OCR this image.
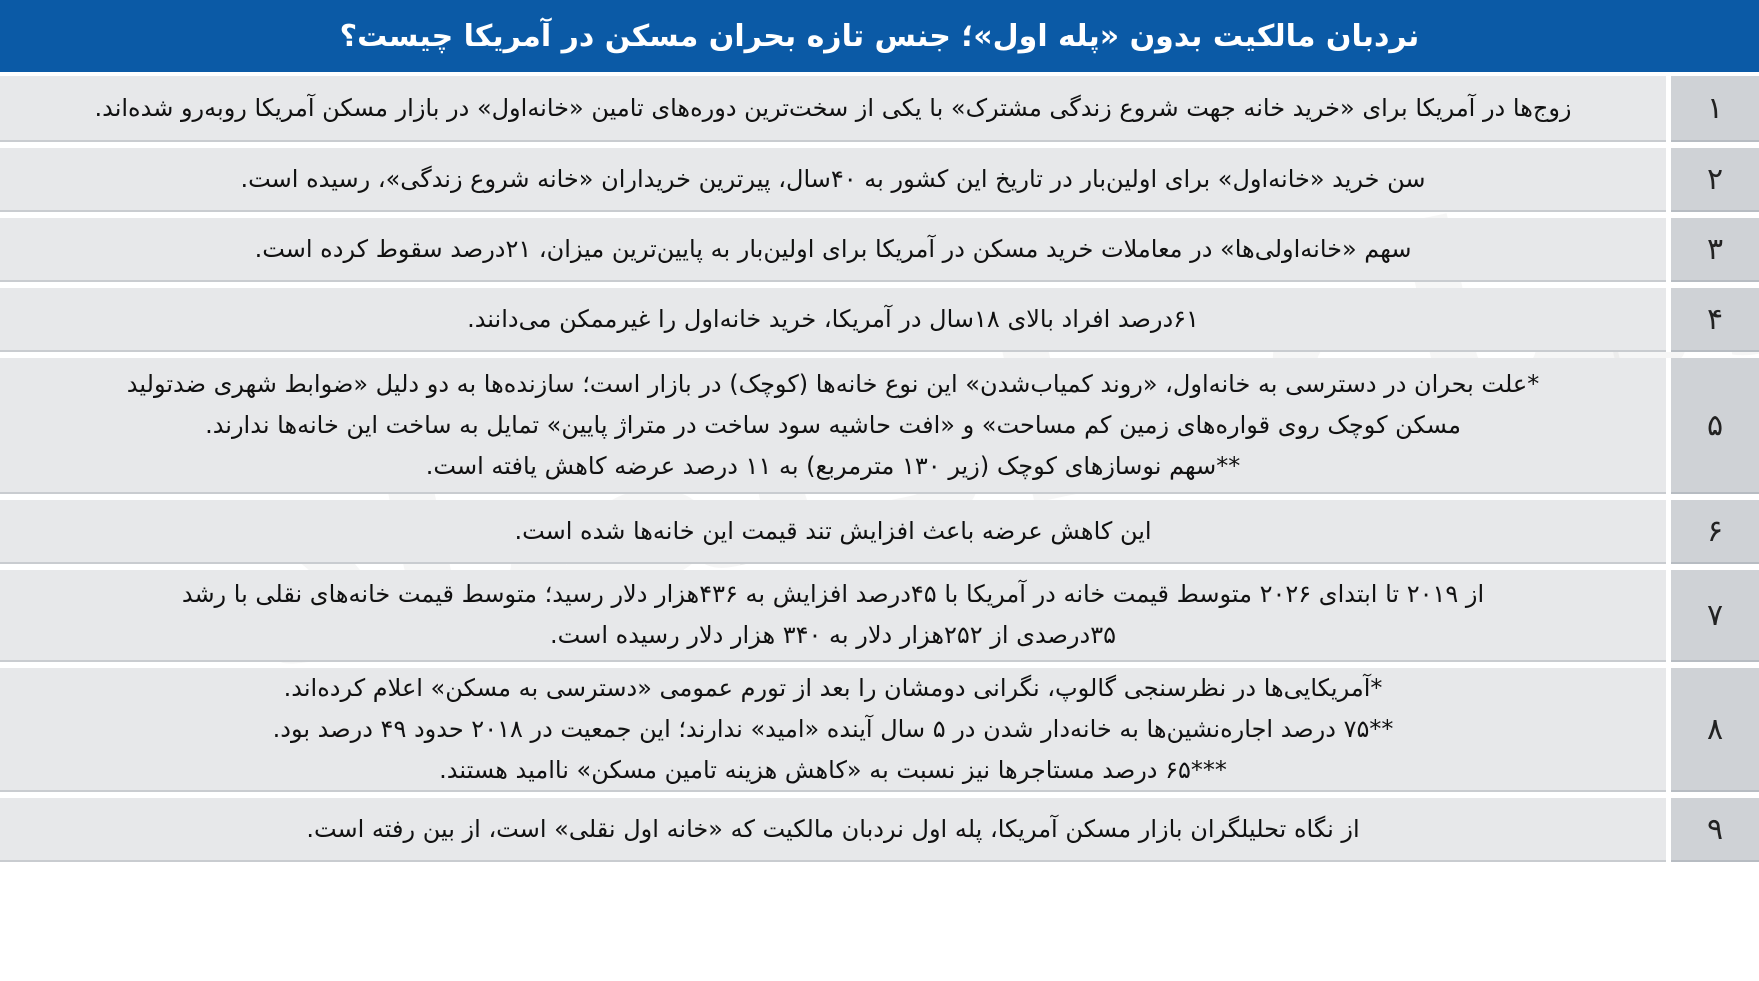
نردبان مالکیت بدون «پله اول»؛ جنس تازه بحران مسکن در آمریکا چیست؟
۱
زوج‌ها در آمریکا برای «خرید خانه جهت شروع زندگی مشترک» با یکی از سخت‌ترین دوره‌های تامین «خانه‌اول» در بازار مسکن آمریکا روبه‌رو شده‌اند.
۲
سن خرید «خانه‌اول» برای اولین‌بار در تاریخ این کشور به ۴۰سال، پیرترین خریداران «خانه شروع زندگی»، رسیده است.
۳
سهم «خانه‌اولی‌ها» در معاملات خرید مسکن در آمریکا برای اولین‌بار به پایین‌ترین میزان، ۲۱درصد سقوط کرده است.
۴
۶۱درصد افراد بالای ۱۸سال در آمریکا، خرید خانه‌اول را غیرممکن می‌دانند.
۵
*علت بحران در دسترسی به خانه‌اول، «روند کمیاب‌شدن» این نوع خانه‌ها (کوچک) در بازار است؛ سازنده‌ها به دو دلیل «ضوابط شهری ضدتولید
مسکن کوچک روی قواره‌های زمین کم مساحت» و «افت حاشیه سود ساخت در متراژ پایین» تمایل به ساخت این خانه‌ها ندارند.
**سهم نوسازهای کوچک (زیر ۱۳۰ مترمربع) به ۱۱ درصد عرضه کاهش یافته است.
۶
این کاهش عرضه باعث افزایش تند قیمت این خانه‌ها شده است.
۷
از ۲۰۱۹ تا ابتدای ۲۰۲۶ متوسط قیمت خانه در آمریکا با ۴۵درصد افزایش به ۴۳۶هزار دلار رسید؛ متوسط قیمت خانه‌های نقلی با رشد
۳۵درصدی از ۲۵۲هزار دلار به ۳۴۰ هزار دلار رسیده است.
۸
*آمریکایی‌ها در نظرسنجی گالوپ، نگرانی دومشان را بعد از تورم عمومی «دسترسی به مسکن» اعلام کرده‌اند.
**۷۵ درصد اجاره‌نشین‌ها به خانه‌دار شدن در ۵ سال آینده «امید» ندارند؛ این جمعیت در ۲۰۱۸ حدود ۴۹ درصد بود.
***۶۵ درصد مستاجرها نیز نسبت به «کاهش هزینه تامین مسکن» ناامید هستند.
۹
از نگاه تحلیلگران بازار مسکن آمریکا، پله اول نردبان مالکیت که «خانه اول نقلی» است، از بین رفته است.
